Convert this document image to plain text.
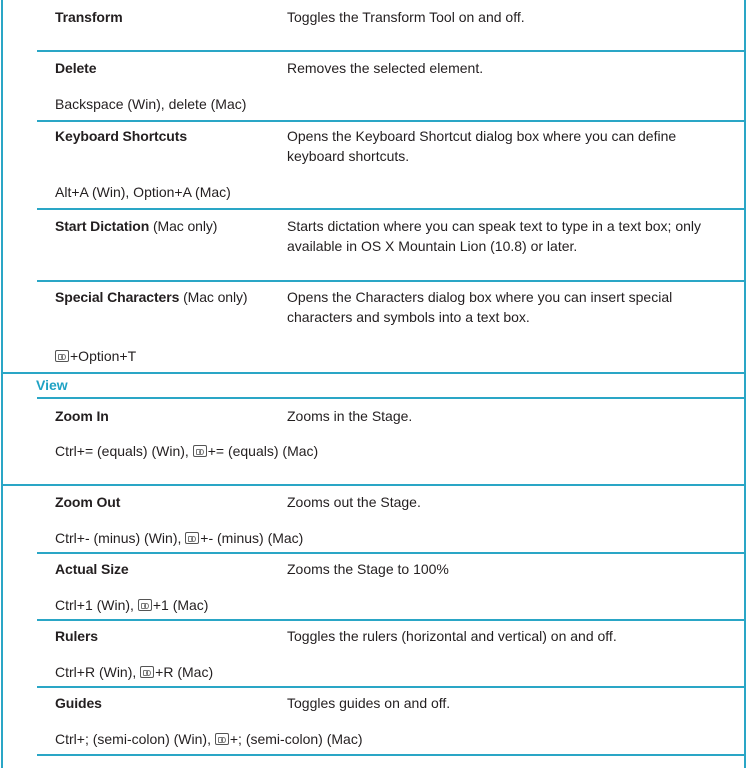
Transform	Toggles the Transform Tool on and off.
Delete	Removes the selected element.
Backspace (Win), delete (Mac)
Keyboard Shortcuts	Opens the Keyboard Shortcut dialog box where you can define keyboard shortcuts.
Alt+A (Win), Option+A (Mac)
Start Dictation (Mac only)	Starts dictation where you can speak text to type in a text box; only available in OS X Mountain Lion (10.8) or later.
Special Characters (Mac only)	Opens the Characters dialog box where you can insert special characters and symbols into a text box.
+Option+T
View
Zoom In	Zooms in the Stage.
Ctrl+= (equals) (Win), += (equals) (Mac)
Zoom Out	Zooms out the Stage.
Ctrl+- (minus) (Win), +- (minus) (Mac)
Actual Size	Zooms the Stage to 100%
Ctrl+1 (Win), +1 (Mac)
Rulers	Toggles the rulers (horizontal and vertical) on and off.
Ctrl+R (Win), +R (Mac)
Guides	Toggles guides on and off.
Ctrl+; (semi-colon) (Win), +; (semi-colon) (Mac)
